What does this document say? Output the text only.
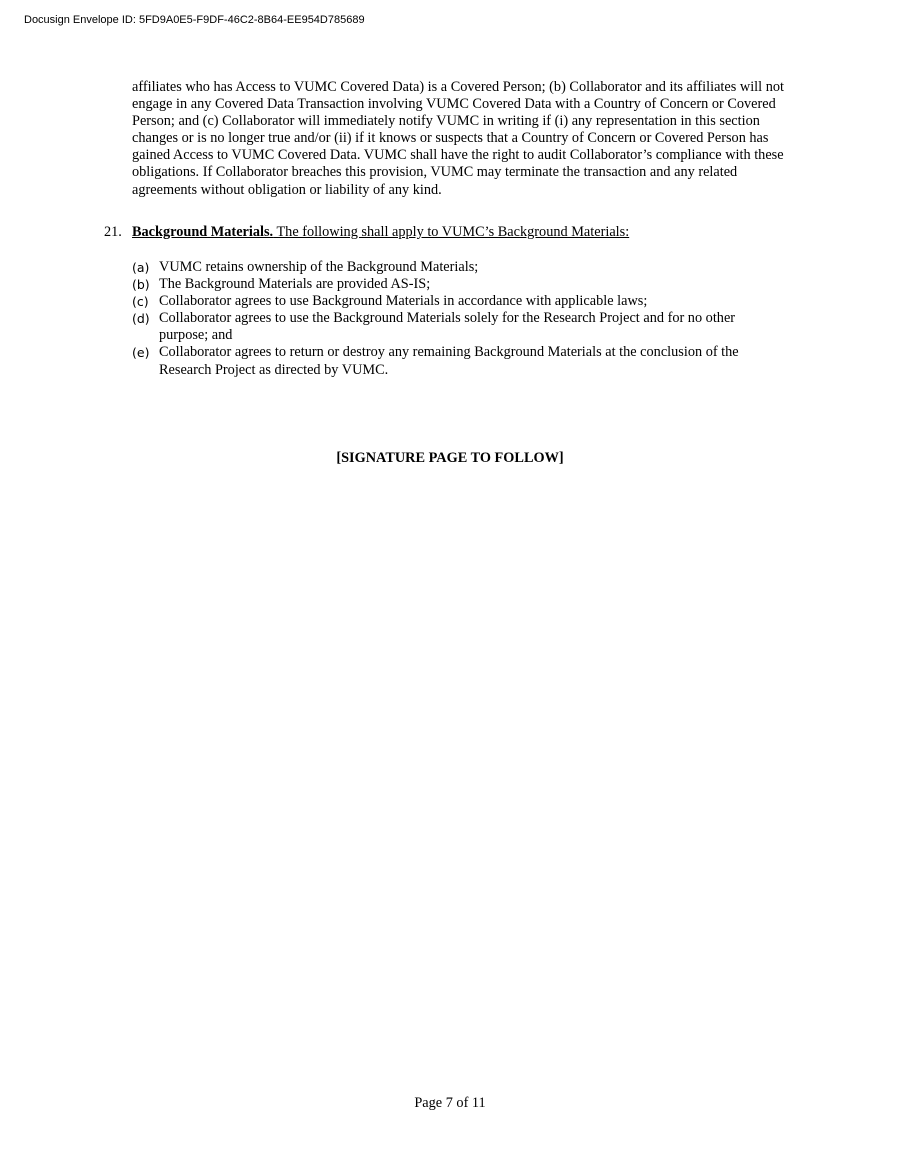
Docusign Envelope ID: 5FD9A0E5-F9DF-46C2-8B64-EE954D785689

affiliates who has Access to VUMC Covered Data) is a Covered Person; (b) Collaborator and its affiliates will not engage in any Covered Data Transaction involving VUMC Covered Data with a Country of Concern or Covered Person; and (c) Collaborator will immediately notify VUMC in writing if (i) any representation in this section changes or is no longer true and/or (ii) if it knows or suspects that a Country of Concern or Covered Person has gained Access to VUMC Covered Data. VUMC shall have the right to audit Collaborator’s compliance with these obligations. If Collaborator breaches this provision, VUMC may terminate the transaction and any related agreements without obligation or liability of any kind.

21. Background Materials. The following shall apply to VUMC’s Background Materials:
(a) VUMC retains ownership of the Background Materials;
(b) The Background Materials are provided AS-IS;
(c) Collaborator agrees to use Background Materials in accordance with applicable laws;
(d) Collaborator agrees to use the Background Materials solely for the Research Project and for no other purpose; and
(e) Collaborator agrees to return or destroy any remaining Background Materials at the conclusion of the Research Project as directed by VUMC.
[SIGNATURE PAGE TO FOLLOW]
Page 7 of 11
